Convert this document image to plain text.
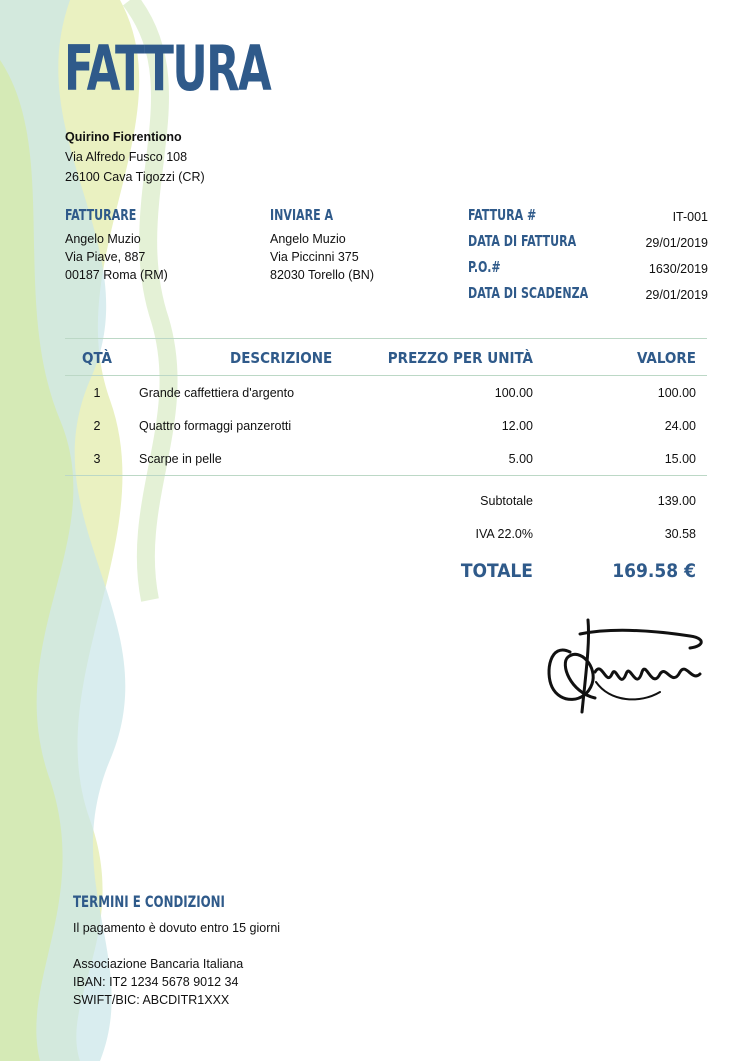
FATTURA
Quirino Fiorentiono
Via Alfredo Fusco 108
26100 Cava Tigozzi (CR)
FATTURARE
Angelo Muzio
Via Piave, 887
00187 Roma (RM)
INVIARE A
Angelo Muzio
Via Piccinni 375
82030 Torello (BN)
FATTURA #	IT-001
DATA DI FATTURA	29/01/2019
P.O.#	1630/2019
DATA DI SCADENZA	29/01/2019
QTÀ	DESCRIZIONE	PREZZO PER UNITÀ	VALORE
1	Grande caffettiera d'argento	100.00	100.00
2	Quattro formaggi panzerotti	12.00	24.00
3	Scarpe in pelle	5.00	15.00
Subtotale	139.00
IVA 22.0%	30.58
TOTALE	169.58 €
TERMINI E CONDIZIONI
Il pagamento è dovuto entro 15 giorni
Associazione Bancaria Italiana
IBAN: IT2 1234 5678 9012 34
SWIFT/BIC: ABCDITR1XXX
